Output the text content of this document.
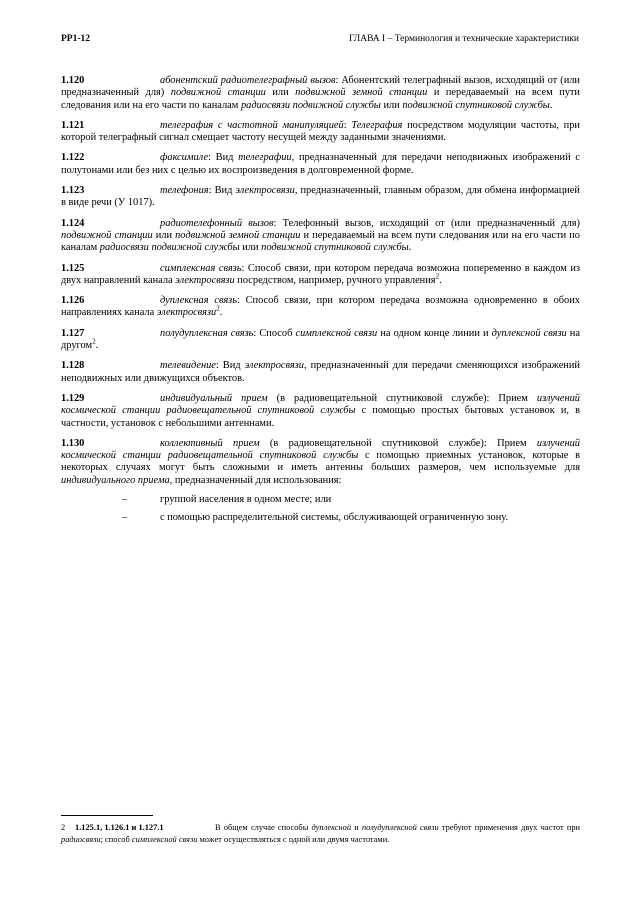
РР1-12	ГЛАВА I – Терминология и технические характеристики
1.120	абонентский радиотелеграфный вызов: Абонентский телеграфный вызов, исходящий от (или предназначенный для) подвижной станции или подвижной земной станции и передаваемый на всем пути следования или на его части по каналам радиосвязи подвижной службы или подвижной спутниковой службы.
1.121	телеграфия с частотной манипуляцией: Телеграфия посредством модуляции частоты, при которой телеграфный сигнал смещает частоту несущей между заданными значениями.
1.122	факсимиле: Вид телеграфии, предназначенный для передачи неподвижных изображений с полутонами или без них с целью их воспроизведения в долговременной форме.
1.123	телефония: Вид электросвязи, предназначенный, главным образом, для обмена информацией в виде речи (У 1017).
1.124	радиотелефонный вызов: Телефонный вызов, исходящий от (или предназначенный для) подвижной станции или подвижной земной станции и передаваемый на всем пути следования или на его части по каналам радиосвязи подвижной службы или подвижной спутниковой службы.
1.125	симплексная связь: Способ связи, при котором передача возможна попеременно в каждом из двух направлений канала электросвязи посредством, например, ручного управления$^2$.
1.126	дуплексная связь: Способ связи, при котором передача возможна одновременно в обоих направлениях канала электросвязи$^2$.
1.127	полудуплексная связь: Способ симплексной связи на одном конце линии и дуплексной связи на другом$^2$.
1.128	телевидение: Вид электросвязи, предназначенный для передачи сменяющихся изображений неподвижных или движущихся объектов.
1.129	индивидуальный прием (в радиовещательной спутниковой службе): Прием излучений космической станции радиовещательной спутниковой службы с помощью простых бытовых установок и, в частности, установок с небольшими антеннами.
1.130	коллективный прием (в радиовещательной спутниковой службе): Прием излучений космической станции радиовещательной спутниковой службы с помощью приемных установок, которые в некоторых случаях могут быть сложными и иметь антенны больших размеров, чем используемые для индивидуального приема, предназначенный для использования:
–	группой населения в одном месте; или
–	с помощью распределительной системы, обслуживающей ограниченную зону.
2 1.125.1, 1.126.1 и 1.127.1	В общем случае способы дуплексной и полудуплексной связи требуют применения двух частот при радиосвязи; способ симплексной связи может осуществляться с одной или двумя частотами.
